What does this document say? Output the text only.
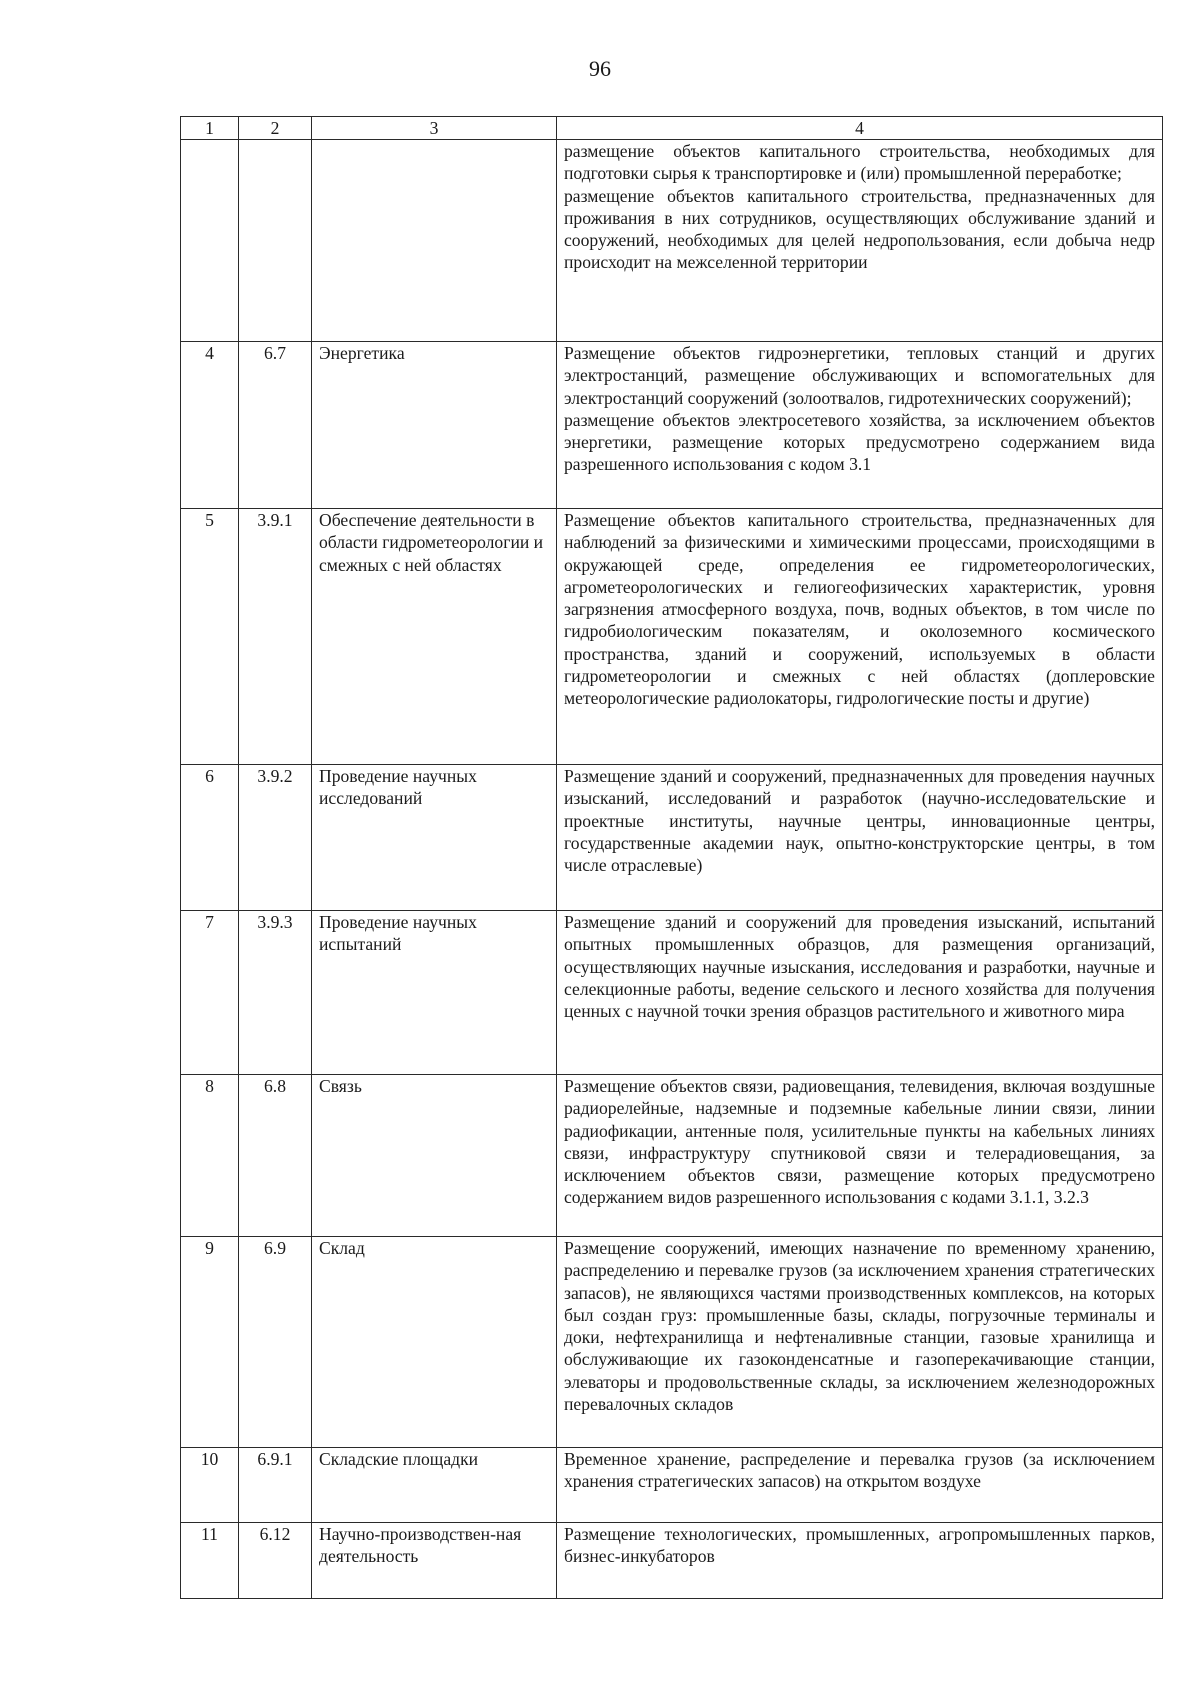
96
1	2	3	4

			размещение объектов капитального строительства, необходимых для подготовки сырья к транспортировке и (или) промышленной переработке;
размещение объектов капитального строительства, предназначенных для проживания в них сотрудников, осуществляющих обслуживание зданий и сооружений, необходимых для целей недропользования, если добыча недр происходит на межселенной территории

4	6.7	Энергетика	Размещение объектов гидроэнергетики, тепловых станций и других электростанций, размещение обслуживающих и вспомогательных для электростанций сооружений (золоотвалов, гидротехнических сооружений);
размещение объектов электросетевого хозяйства, за исключением объектов энергетики, размещение которых предусмотрено содержанием вида разрешенного использования с кодом 3.1

5	3.9.1	Обеспечение деятельности в области гидрометеорологии и смежных с ней областях	Размещение объектов капитального строительства, предназначенных для наблюдений за физическими и химическими процессами, происходящими в окружающей среде, определения ее гидрометеорологических, агрометеорологических и гелиогеофизических характеристик, уровня загрязнения атмосферного воздуха, почв, водных объектов, в том числе по гидробиологическим показателям, и околоземного космического пространства, зданий и сооружений, используемых в области гидрометеорологии и смежных с ней областях (доплеровские метеорологические радиолокаторы, гидрологические посты и другие)

6	3.9.2	Проведение научных исследований	Размещение зданий и сооружений, предназначенных для проведения научных изысканий, исследований и разработок (научно-исследовательские и проектные институты, научные центры, инновационные центры, государственные академии наук, опытно-конструкторские центры, в том числе отраслевые)

7	3.9.3	Проведение научных испытаний	Размещение зданий и сооружений для проведения изысканий, испытаний опытных промышленных образцов, для размещения организаций, осуществляющих научные изыскания, исследования и разработки, научные и селекционные работы, ведение сельского и лесного хозяйства для получения ценных с научной точки зрения образцов растительного и животного мира

8	6.8	Связь	Размещение объектов связи, радиовещания, телевидения, включая воздушные радиорелейные, надземные и подземные кабельные линии связи, линии радиофикации, антенные поля, усилительные пункты на кабельных линиях связи, инфраструктуру спутниковой связи и телерадиовещания, за исключением объектов связи, размещение которых предусмотрено содержанием видов разрешенного использования с кодами 3.1.1, 3.2.3

9	6.9	Склад	Размещение сооружений, имеющих назначение по временному хранению, распределению и перевалке грузов (за исключением хранения стратегических запасов), не являющихся частями производственных комплексов, на которых был создан груз: промышленные базы, склады, погрузочные терминалы и доки, нефтехранилища и нефтеналивные станции, газовые хранилища и обслуживающие их газоконденсатные и газоперекачивающие станции, элеваторы и продовольственные склады, за исключением железнодорожных перевалочных складов

10	6.9.1	Складские площадки	Временное хранение, распределение и перевалка грузов (за исключением хранения стратегических запасов) на открытом воздухе

11	6.12	Научно-производствен-ная деятельность	Размещение технологических, промышленных, агропромышленных парков, бизнес-инкубаторов
